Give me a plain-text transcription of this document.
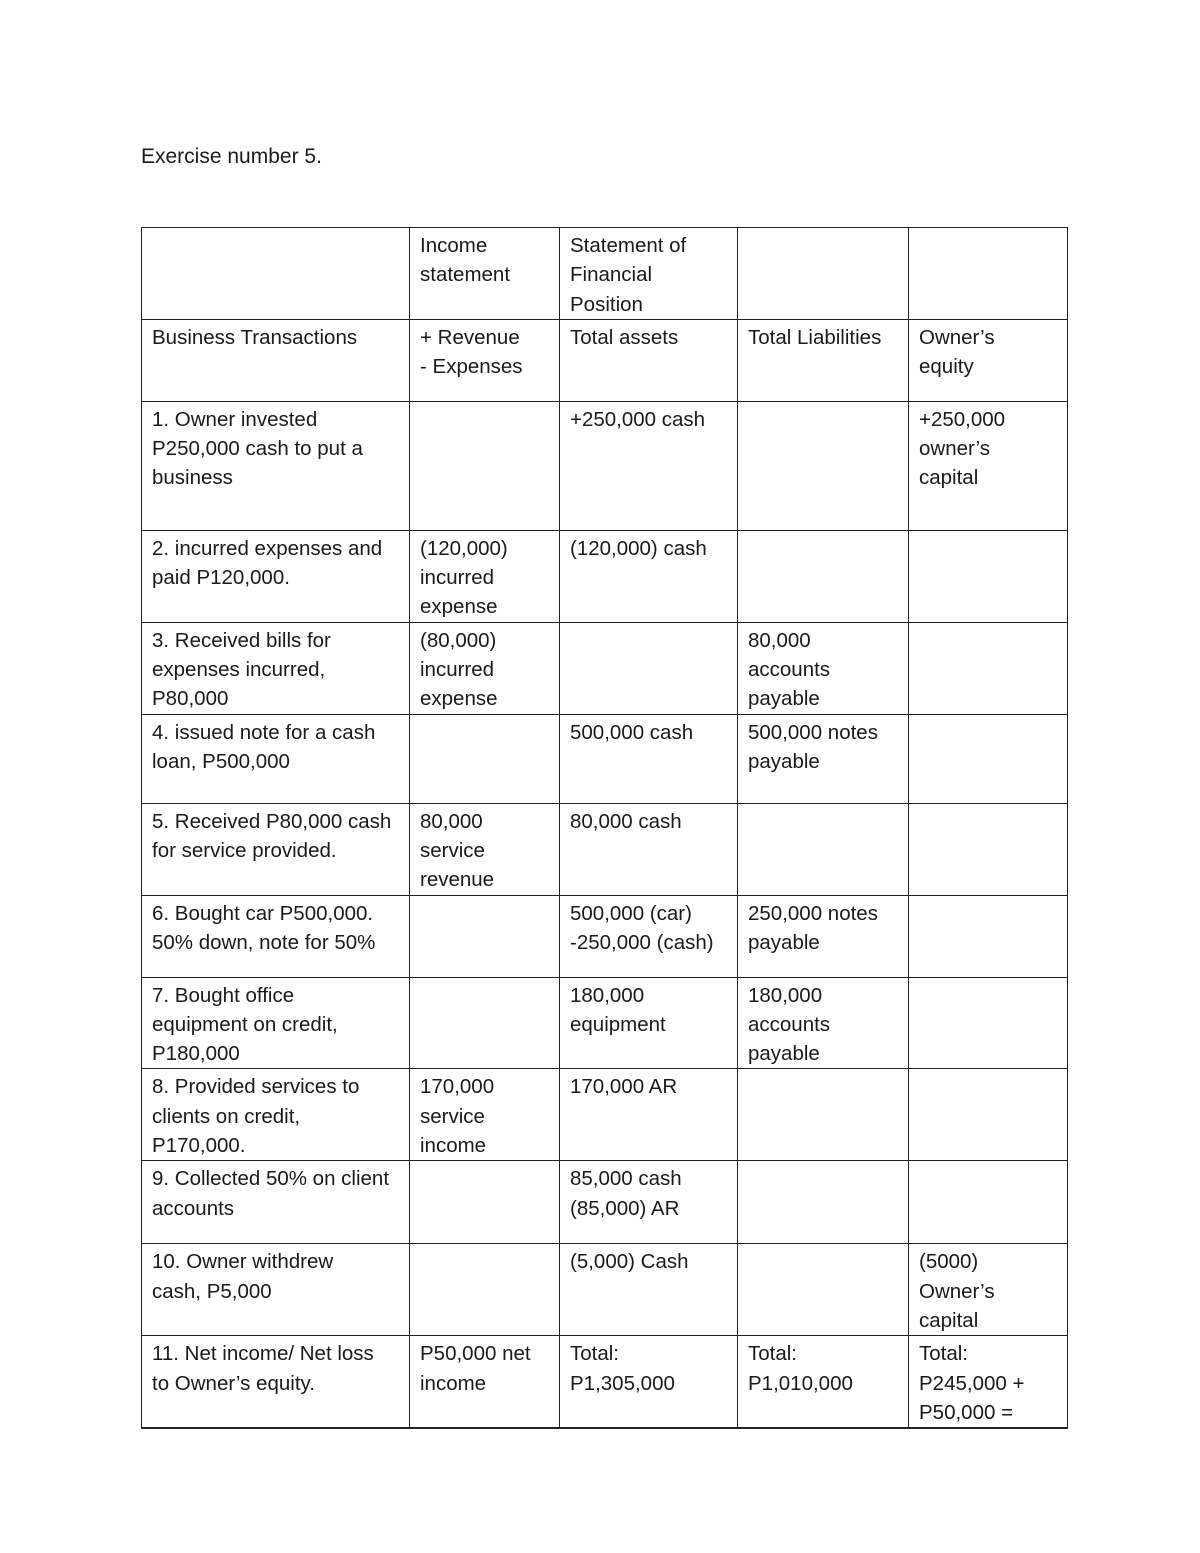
Exercise number 5.
	Income
statement	Statement of
Financial
Position		
Business Transactions	+ Revenue
- Expenses	Total assets	Total Liabilities	Owner’s
equity
1. Owner invested
P250,000 cash to put a
business		+250,000 cash		+250,000
owner’s
capital
2. incurred expenses and
paid P120,000.	(120,000)
incurred
expense	(120,000) cash		
3. Received bills for
expenses incurred,
P80,000	(80,000)
incurred
expense		80,000
accounts
payable	
4. issued note for a cash
loan, P500,000		500,000 cash	500,000 notes
payable	
5. Received P80,000 cash
for service provided.	80,000
service
revenue	80,000 cash		
6. Bought car P500,000.
50% down, note for 50%		500,000 (car)
-250,000 (cash)	250,000 notes
payable	
7. Bought office
equipment on credit,
P180,000		180,000
equipment	180,000
accounts
payable	
8. Provided services to
clients on credit,
P170,000.	170,000
service
income	170,000 AR		
9. Collected 50% on client
accounts		85,000 cash
(85,000) AR		
10. Owner withdrew
cash, P5,000		(5,000) Cash		(5000)
Owner’s
capital
11. Net income/ Net loss
to Owner’s equity.	P50,000 net
income	Total:
P1,305,000	Total:
P1,010,000	Total:
P245,000 +
P50,000 =
